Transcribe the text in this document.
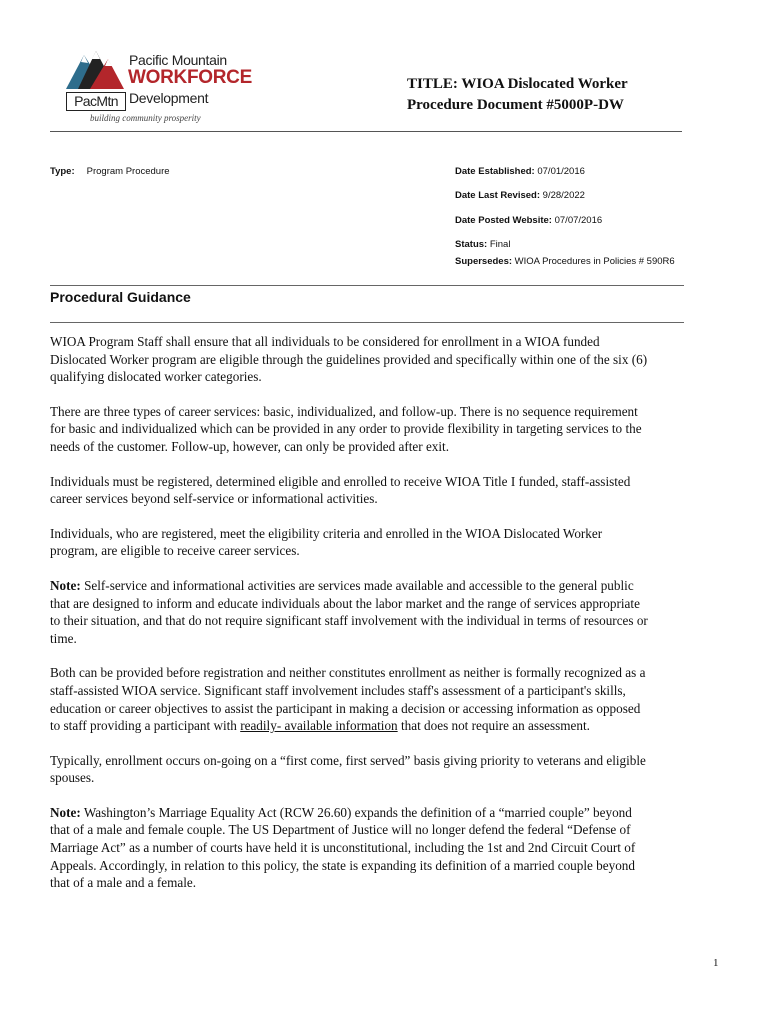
Pacific Mountain
WORKFORCE
Development
PacMtn
building community prosperity
TITLE: WIOA Dislocated Worker
Procedure Document #5000P-DW
Type: Program Procedure	Date Established: 07/01/2016
Date Last Revised: 9/28/2022
Date Posted Website: 07/07/2016
Status: Final
Supersedes: WIOA Procedures in Policies # 590R6
Procedural Guidance

WIOA Program Staff shall ensure that all individuals to be considered for enrollment in a WIOA funded Dislocated Worker program are eligible through the guidelines provided and specifically within one of the six (6) qualifying dislocated worker categories.

There are three types of career services: basic, individualized, and follow-up. There is no sequence requirement for basic and individualized which can be provided in any order to provide flexibility in targeting services to the needs of the customer. Follow-up, however, can only be provided after exit.

Individuals must be registered, determined eligible and enrolled to receive WIOA Title I funded, staff-assisted career services beyond self-service or informational activities.

Individuals, who are registered, meet the eligibility criteria and enrolled in the WIOA Dislocated Worker program, are eligible to receive career services.

Note: Self-service and informational activities are services made available and accessible to the general public that are designed to inform and educate individuals about the labor market and the range of services appropriate to their situation, and that do not require significant staff involvement with the individual in terms of resources or time.

Both can be provided before registration and neither constitutes enrollment as neither is formally recognized as a staff-assisted WIOA service. Significant staff involvement includes staff's assessment of a participant's skills, education or career objectives to assist the participant in making a decision or accessing information as opposed to staff providing a participant with readily- available information that does not require an assessment.

Typically, enrollment occurs on-going on a “first come, first served” basis giving priority to veterans and eligible spouses.

Note: Washington’s Marriage Equality Act (RCW 26.60) expands the definition of a “married couple” beyond that of a male and female couple. The US Department of Justice will no longer defend the federal “Defense of Marriage Act” as a number of courts have held it is unconstitutional, including the 1st and 2nd Circuit Court of Appeals. Accordingly, in relation to this policy, the state is expanding its definition of a married couple beyond that of a male and a female.

1
